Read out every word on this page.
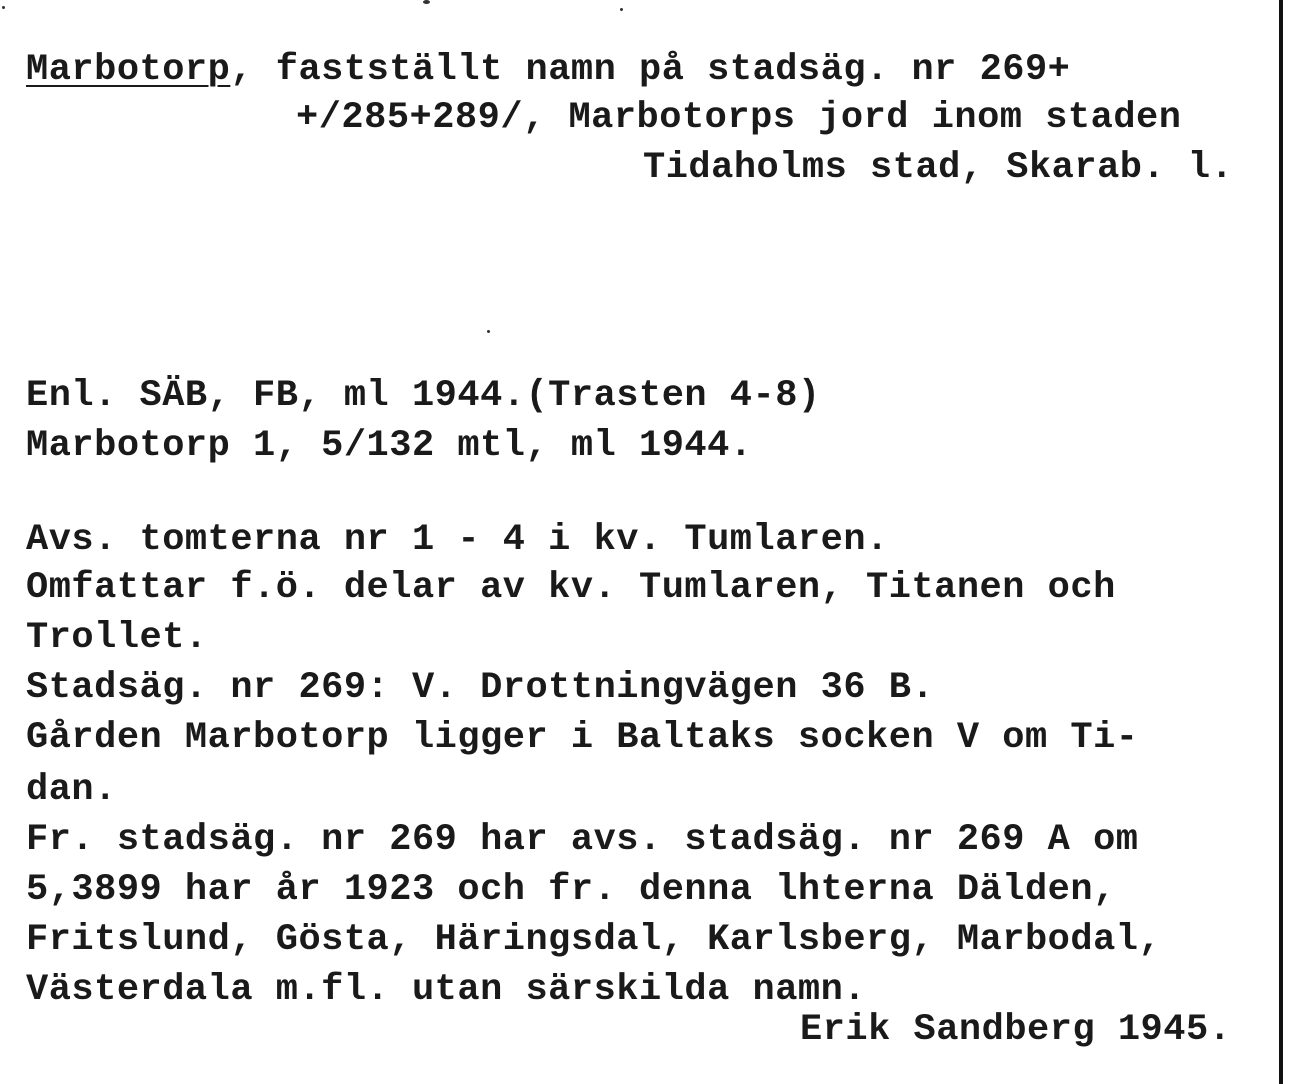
Marbotorp, fastställt namn på stadsäg. nr 269+
+/285+289/, Marbotorps jord inom staden
Tidaholms stad, Skarab. l.
Enl. SÄB, FB, ml 1944.(Trasten 4-8)
Marbotorp 1, 5/132 mtl, ml 1944.
Avs. tomterna nr 1 - 4 i kv. Tumlaren.
Omfattar f.ö. delar av kv. Tumlaren, Titanen och
Trollet.
Stadsäg. nr 269: V. Drottningvägen 36 B.
Gården Marbotorp ligger i Baltaks socken V om Ti-
dan.
Fr. stadsäg. nr 269 har avs. stadsäg. nr 269 A om
5,3899 har år 1923 och fr. denna lhterna Dälden,
Fritslund, Gösta, Häringsdal, Karlsberg, Marbodal,
Västerdala m.fl. utan särskilda namn.
Erik Sandberg 1945.
